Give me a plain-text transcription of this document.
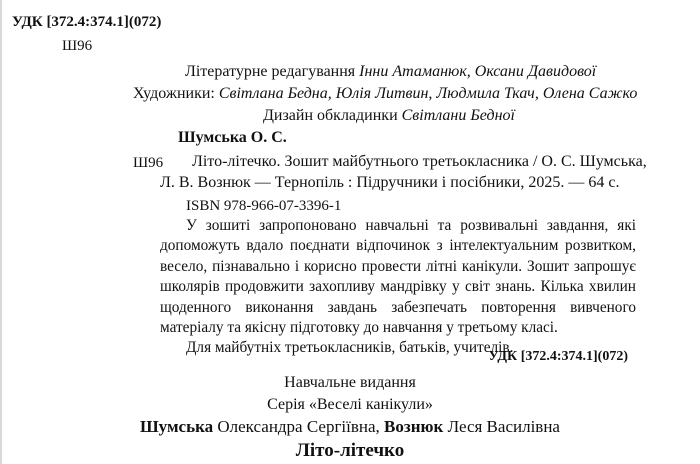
УДК [372.4:374.1](072)
Ш96
Літературне редагування Інни Атаманюк, Оксани Давидової
Художники: Світлана Бедна, Юлія Литвин, Людмила Ткач, Олена Сажко
Дизайн обкладинки Світлани Бедної
Шумська О. С.
Ш96 Літо-літечко. Зошит майбутнього третьокласника / О. С. Шумська,
Л. В. Вознюк — Тернопіль : Підручники і посібники, 2025. — 64 с.
ISBN 978-966-07-3396-1

У зошиті запропоновано навчальні та розвивальні завдання, які допоможуть вдало поєднати відпочинок з інтелектуальним розвитком, весело, пізнавально і корисно провести літні канікули. Зошит запрошує школярів продовжити захопливу мандрівку у світ знань. Кілька хвилин щоденного виконання завдань забезпечать повторення вивченого матеріалу та якісну підготовку до навчання у третьому класі.

Для майбутніх третьокласників, батьків, учителів.

УДК [372.4:374.1](072)
Навчальне видання
Серія «Веселі канікули»
Шумська Олександра Сергіївна, Вознюк Леся Василівна
Літо-літечко
